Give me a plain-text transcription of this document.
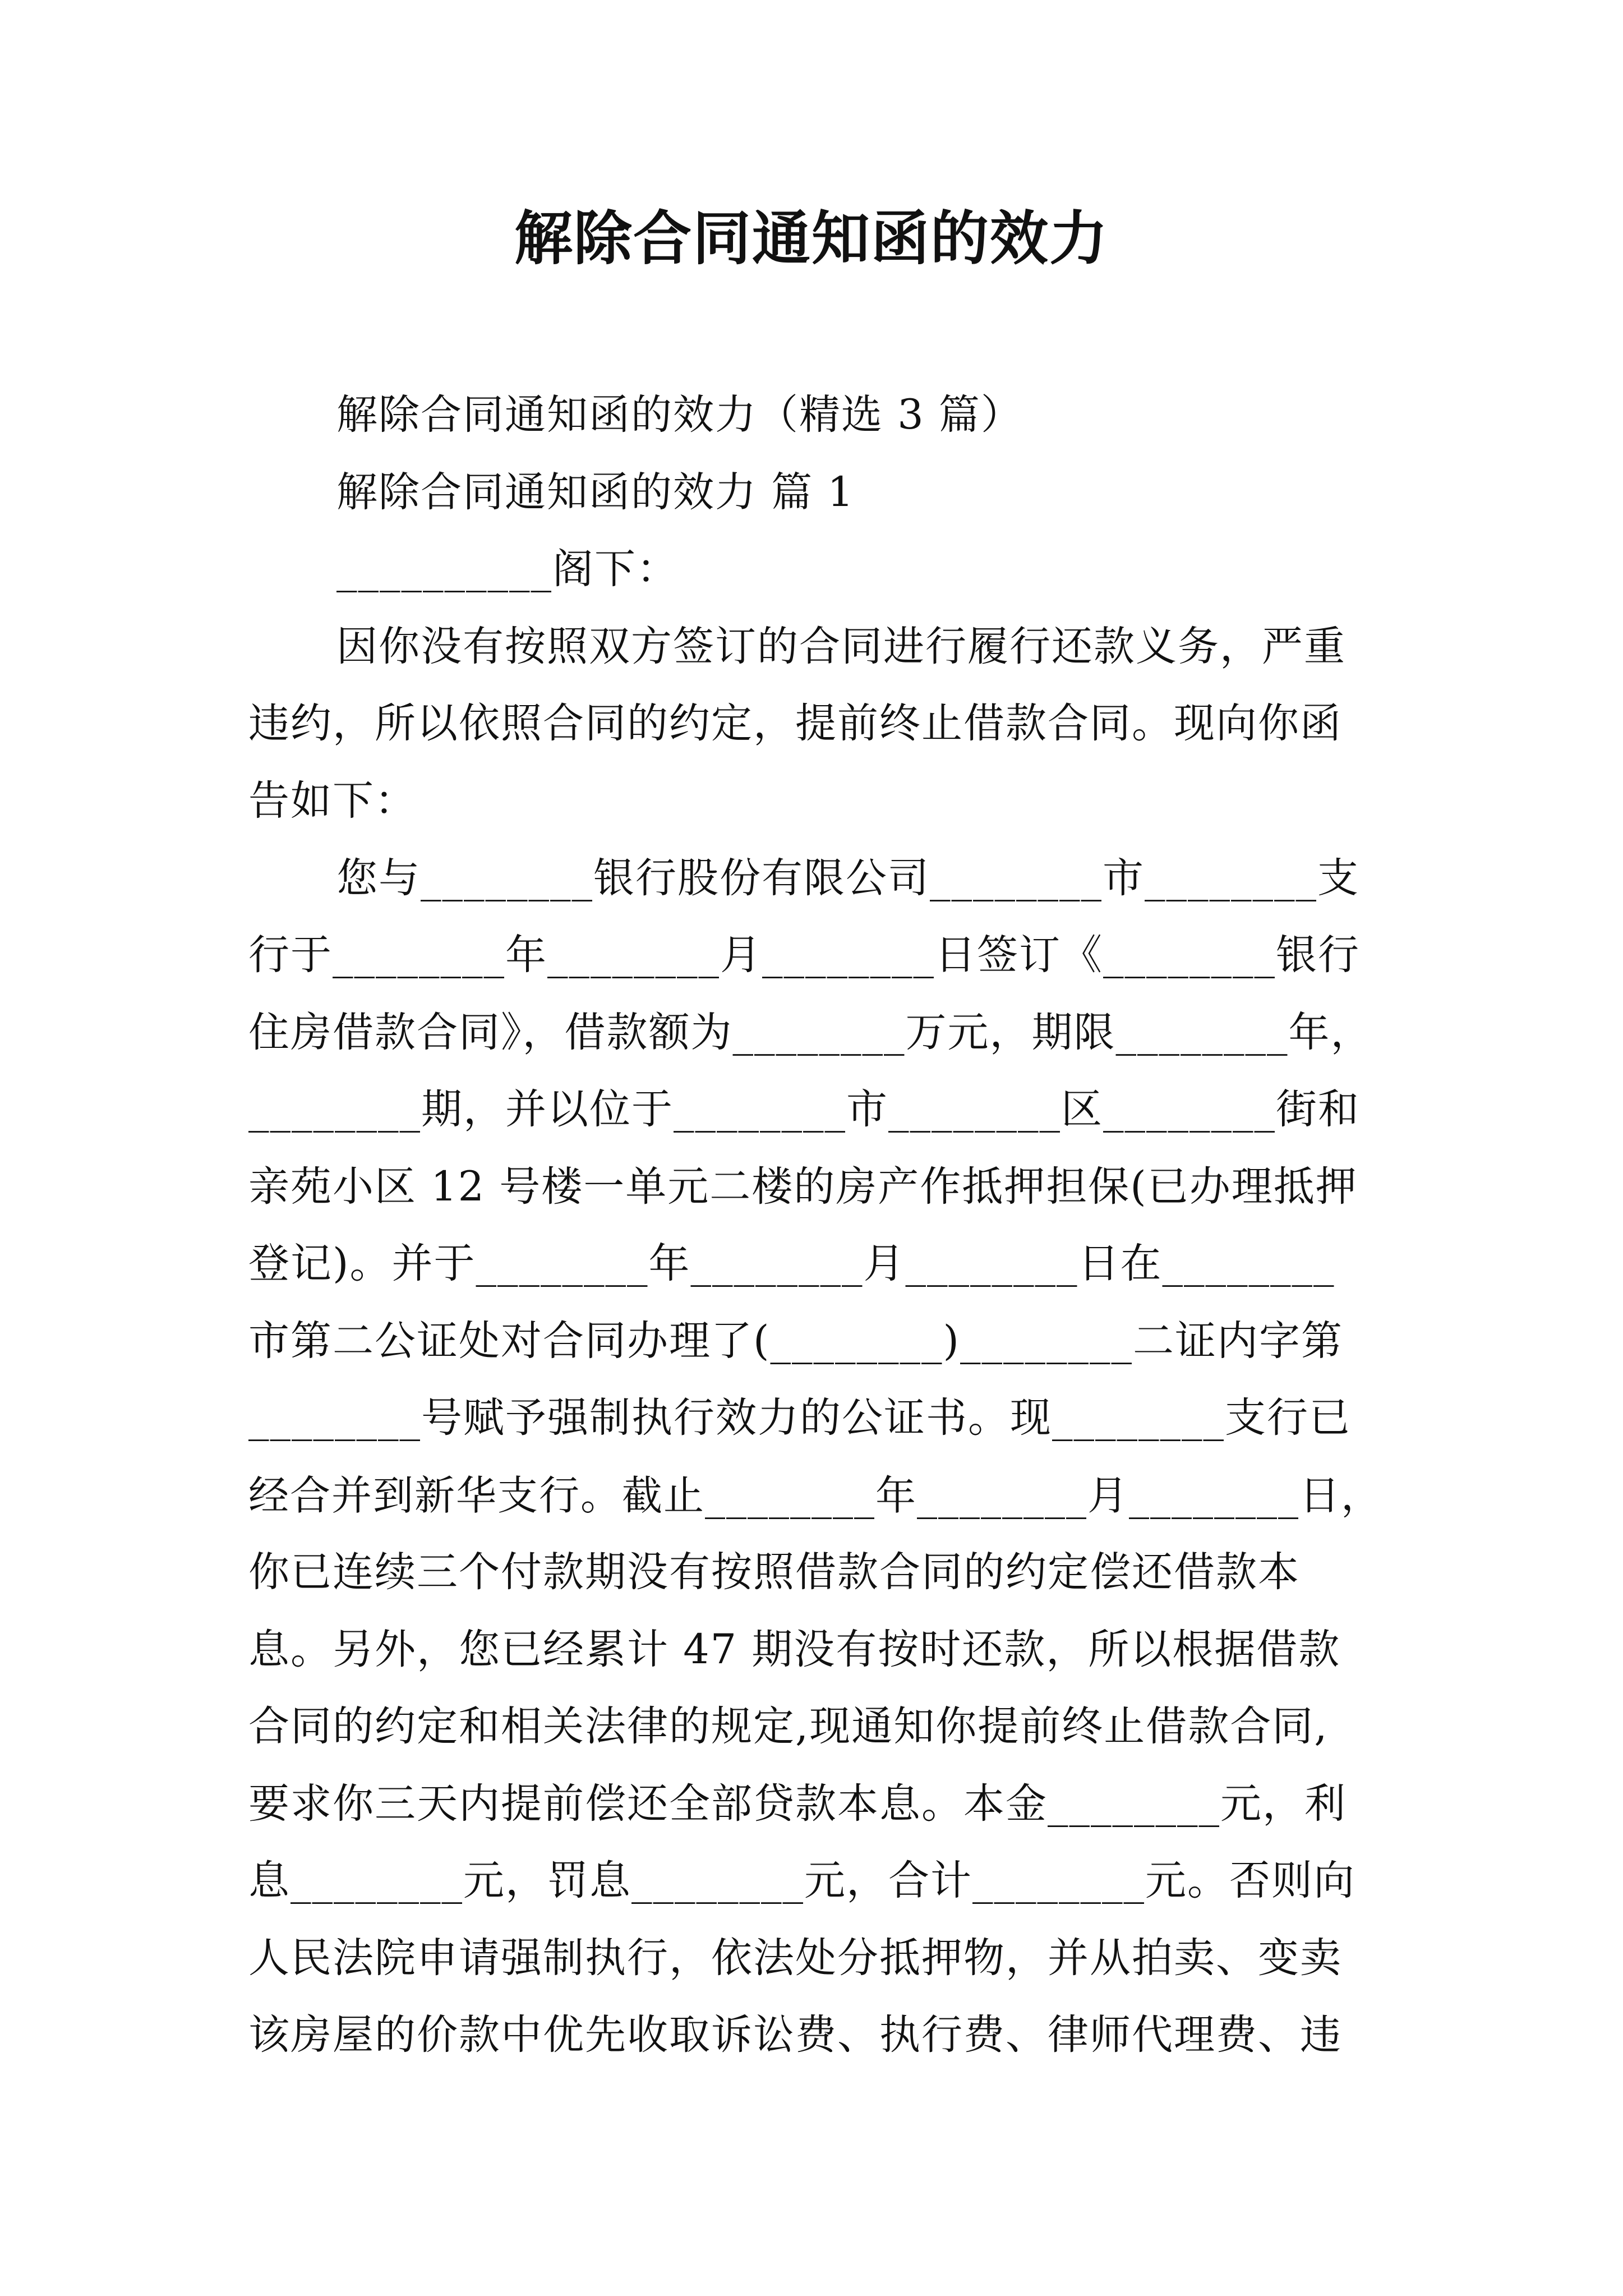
解除合同通知函的效力
解除合同通知函的效力（精选 3 篇）
解除合同通知函的效力 篇 1
__________阁下：
因你没有按照双方签订的合同进行履行还款义务，严重
违约，所以依照合同的约定，提前终止借款合同。现向你函
告如下：
您与________银行股份有限公司________市________支
行于________年________月________日签订《________银行
住房借款合同》，借款额为________万元，期限________年，
________期，并以位于________市________区________街和
亲苑小区 12 号楼一单元二楼的房产作抵押担保(已办理抵押
登记)。并于________年________月________日在________
市第二公证处对合同办理了(________)________二证内字第
________号赋予强制执行效力的公证书。现________支行已
经合并到新华支行。截止________年________月________日，
你已连续三个付款期没有按照借款合同的约定偿还借款本
息。另外，您已经累计 47 期没有按时还款，所以根据借款
合同的约定和相关法律的规定,现通知你提前终止借款合同,
要求你三天内提前偿还全部贷款本息。本金________元，利
息________元，罚息________元，合计________元。否则向
人民法院申请强制执行，依法处分抵押物，并从拍卖、变卖
该房屋的价款中优先收取诉讼费、执行费、律师代理费、违
